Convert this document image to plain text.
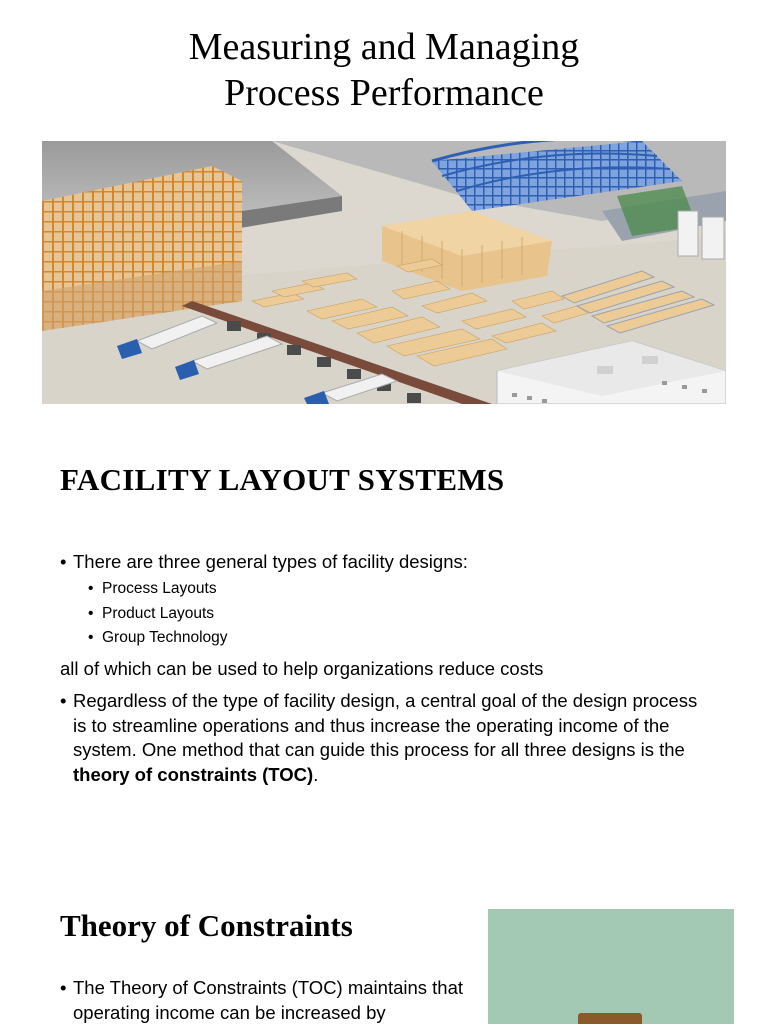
Measuring and Managing
Process Performance
FACILITY LAYOUT SYSTEMS
• There are three general types of facility designs:
• Process Layouts
• Product Layouts
• Group Technology
all of which can be used to help organizations reduce costs
• Regardless of the type of facility design, a central goal of the design process is to streamline operations and thus increase the operating income of the system. One method that can guide this process for all three designs is the theory of constraints (TOC).
Theory of Constraints
• The Theory of Constraints (TOC) maintains that operating income can be increased by
